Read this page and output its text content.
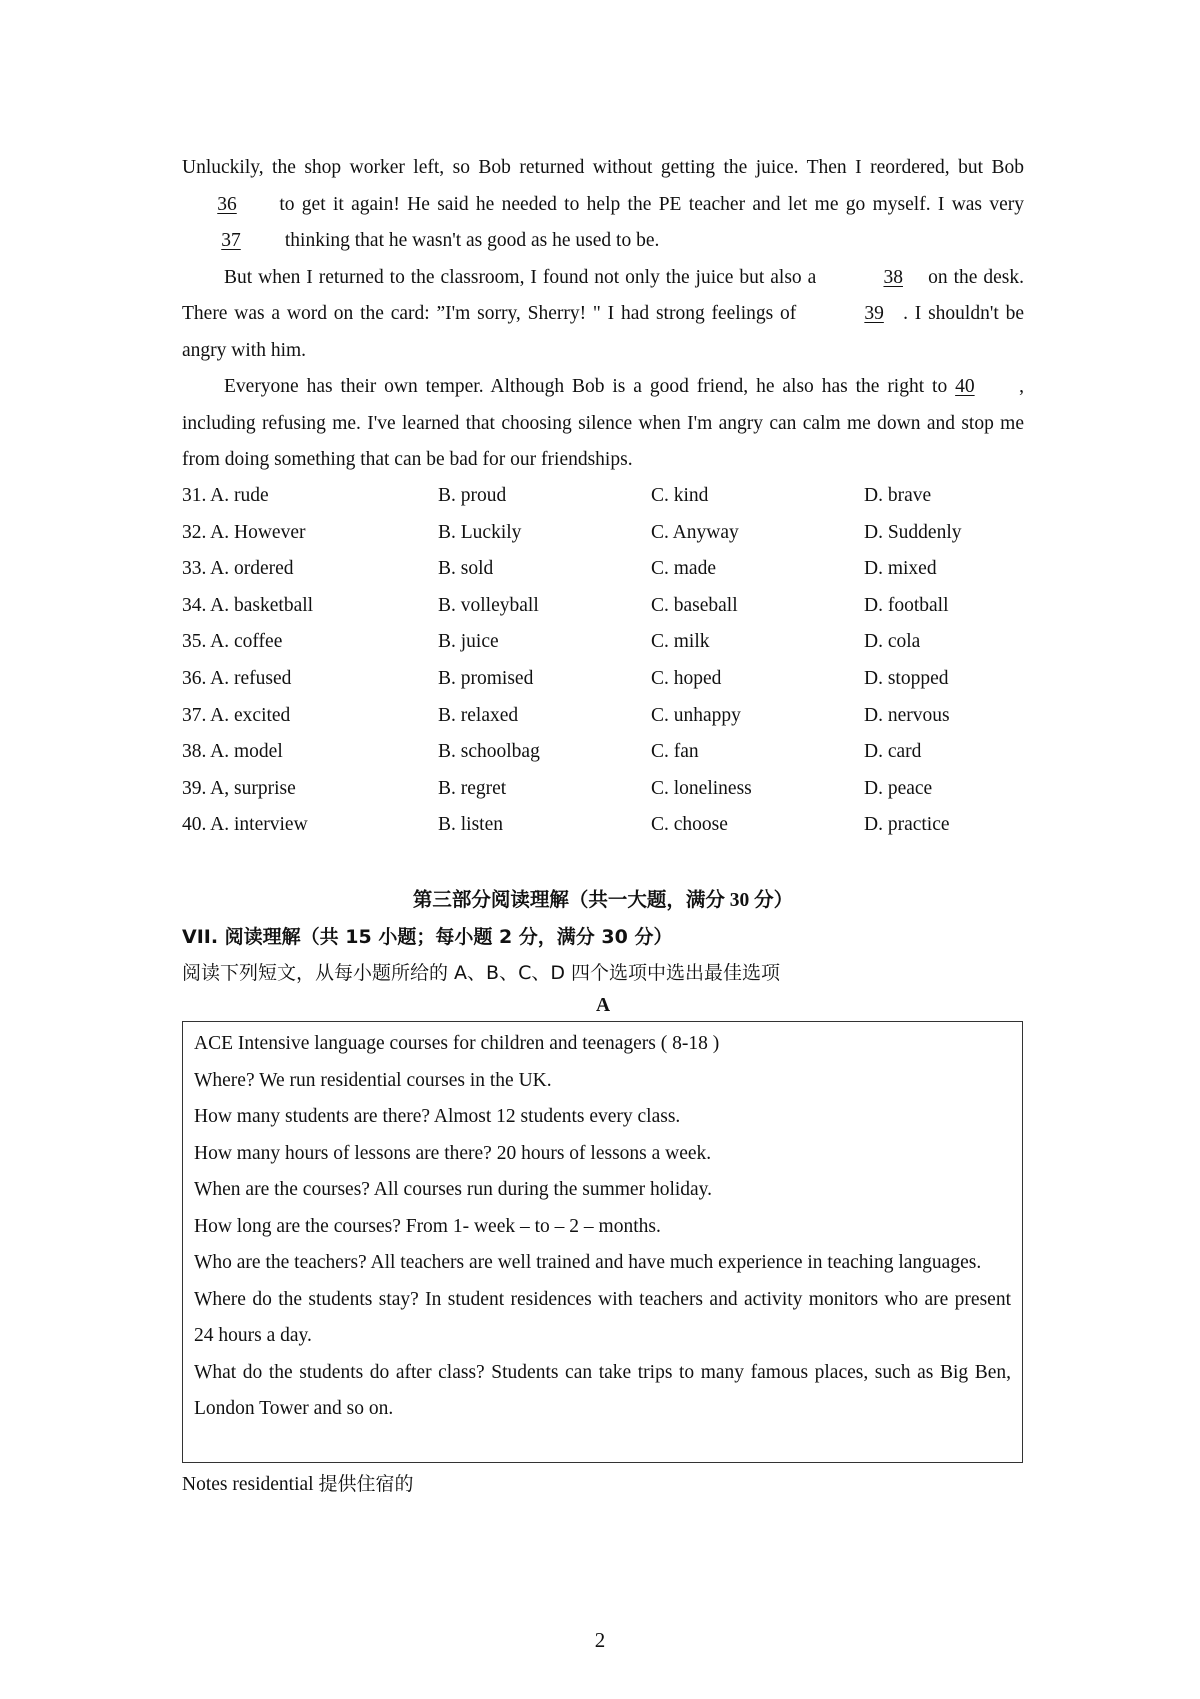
Unluckily, the shop worker left, so Bob returned without getting the juice. Then I reordered, but Bob 36 to get it again! He said he needed to help the PE teacher and let me go myself. I was very 37 thinking that he wasn't as good as he used to be.

But when I returned to the classroom, I found not only the juice but also a	38 on the desk. There was a word on the card: ”I'm sorry, Sherry! " I had strong feelings of	39 . I shouldn't be angry with him.

Everyone has their own temper. Although Bob is a good friend, he also has the right to 40 , including refusing me. I've learned that choosing silence when I'm angry can calm me down and stop me from doing something that can be bad for our friendships.

31. A. rude	B. proud	C. kind	D. brave
32. A. However	B. Luckily	C. Anyway	D. Suddenly
33. A. ordered	B. sold	C. made	D. mixed
34. A. basketball	B. volleyball	C. baseball	D. football
35. A. coffee	B. juice	C. milk	D. cola
36. A. refused	B. promised	C. hoped	D. stopped
37. A. excited	B. relaxed	C. unhappy	D. nervous
38. A. model	B. schoolbag	C. fan	D. card
39. A, surprise	B. regret	C. loneliness	D. peace
40. A. interview	B. listen	C. choose	D. practice
第三部分阅读理解（共一大题，满分 30 分）
VII. 阅读理解（共 15 小题；每小题 2 分，满分 30 分）
阅读下列短文，从每小题所给的 A、B、C、D 四个选项中选出最佳选项
A
ACE Intensive language courses for children and teenagers ( 8-18 )
Where? We run residential courses in the UK.
How many students are there? Almost 12 students every class.
How many hours of lessons are there? 20 hours of lessons a week.
When are the courses? All courses run during the summer holiday.
How long are the courses? From 1- week – to – 2 – months.
Who are the teachers? All teachers are well trained and have much experience in teaching languages.
Where do the students stay? In student residences with teachers and activity monitors who are present 24 hours a day.
What do the students do after class? Students can take trips to many famous places, such as Big Ben, London Tower and so on.
Notes residential 提供住宿的
2
